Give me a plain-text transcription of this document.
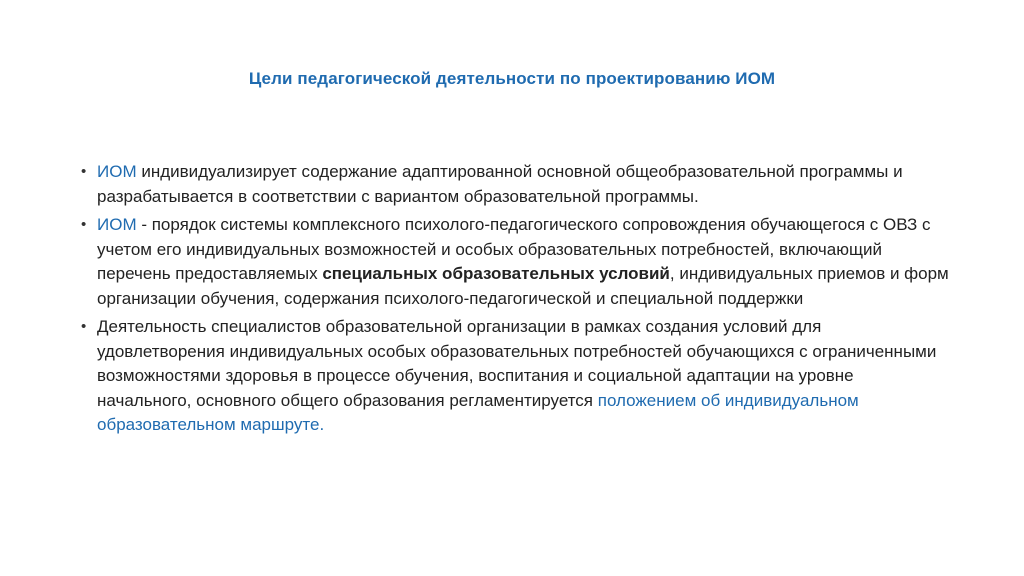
Цели педагогической деятельности по проектированию ИОМ
• ИОМ индивидуализирует содержание адаптированной основной общеобразовательной программы и разрабатывается в соответствии с вариантом образовательной программы.
• ИОМ - порядок системы комплексного психолого-педагогического сопровождения обучающегося с ОВЗ с учетом его индивидуальных возможностей и особых образовательных потребностей, включающий перечень предоставляемых специальных образовательных условий, индивидуальных приемов и форм организации обучения, содержания психолого-педагогической и специальной поддержки
• Деятельность специалистов образовательной организации в рамках создания условий для удовлетворения индивидуальных особых образовательных потребностей обучающихся с ограниченными возможностями здоровья в процессе обучения, воспитания и социальной адаптации на уровне начального, основного общего образования регламентируется положением об индивидуальном образовательном маршруте.
